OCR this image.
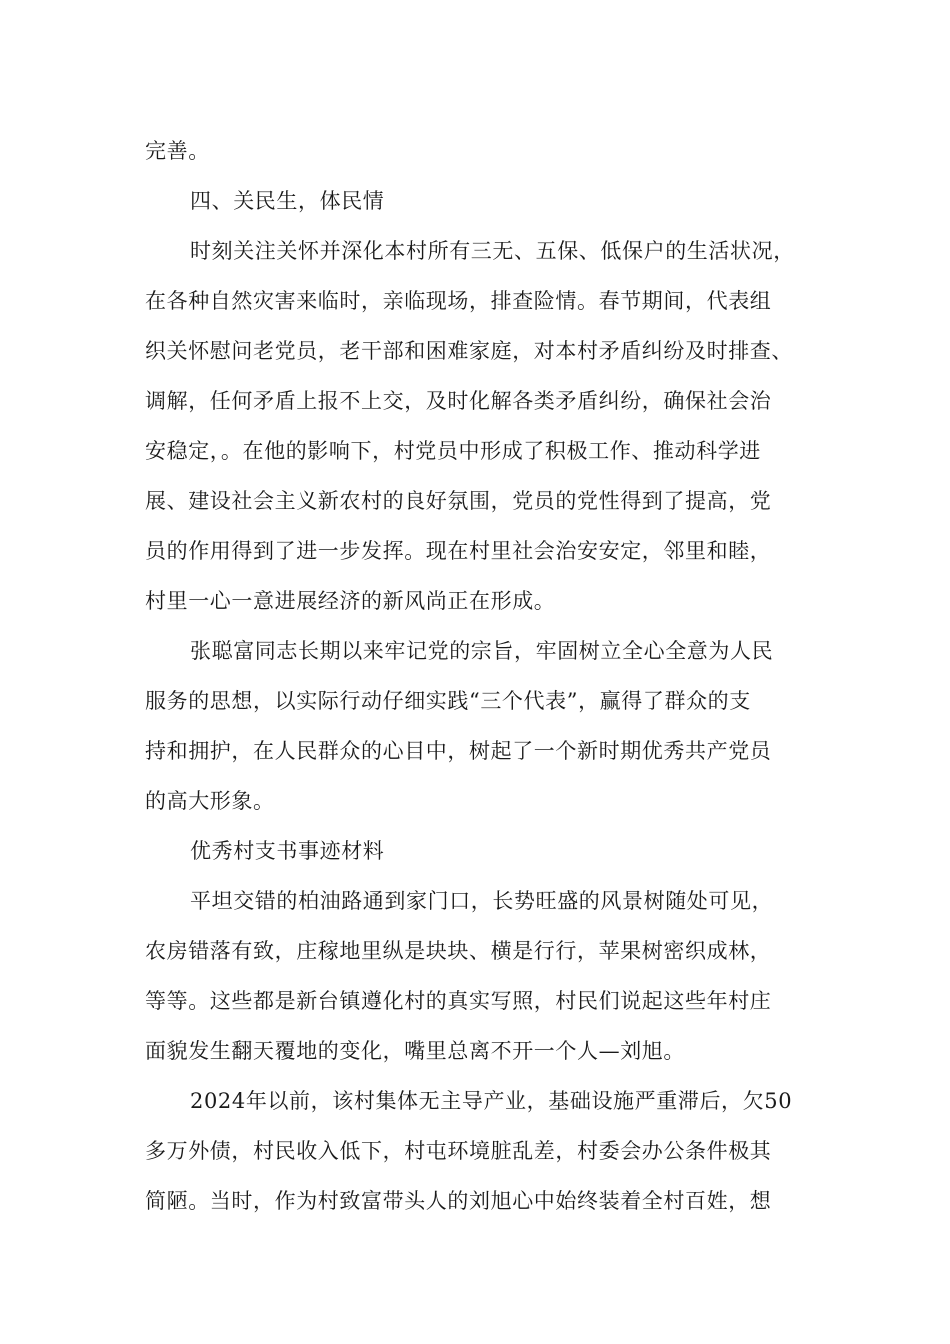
完善。
四、关民生，体民情
时刻关注关怀并深化本村所有三无、五保、低保户的生活状况，
在各种自然灾害来临时，亲临现场，排查险情。春节期间，代表组
织关怀慰问老党员，老干部和困难家庭，对本村矛盾纠纷及时排查、
调解，任何矛盾上报不上交，及时化解各类矛盾纠纷，确保社会治
安稳定，。在他的影响下，村党员中形成了积极工作、推动科学进
展、建设社会主义新农村的良好氛围，党员的党性得到了提高，党
员的作用得到了进一步发挥。现在村里社会治安安定，邻里和睦，
村里一心一意进展经济的新风尚正在形成。
张聪富同志长期以来牢记党的宗旨，牢固树立全心全意为人民
服务的思想，以实际行动仔细实践“三个代表”，赢得了群众的支
持和拥护，在人民群众的心目中，树起了一个新时期优秀共产党员
的高大形象。
优秀村支书事迹材料
平坦交错的柏油路通到家门口，长势旺盛的风景树随处可见，
农房错落有致，庄稼地里纵是块块、横是行行，苹果树密织成林，
等等。这些都是新台镇遵化村的真实写照，村民们说起这些年村庄
面貌发生翻天覆地的变化，嘴里总离不开一个人—刘旭。
2024年以前，该村集体无主导产业，基础设施严重滞后，欠50
多万外债，村民收入低下，村屯环境脏乱差，村委会办公条件极其
简陋。当时，作为村致富带头人的刘旭心中始终装着全村百姓，想
